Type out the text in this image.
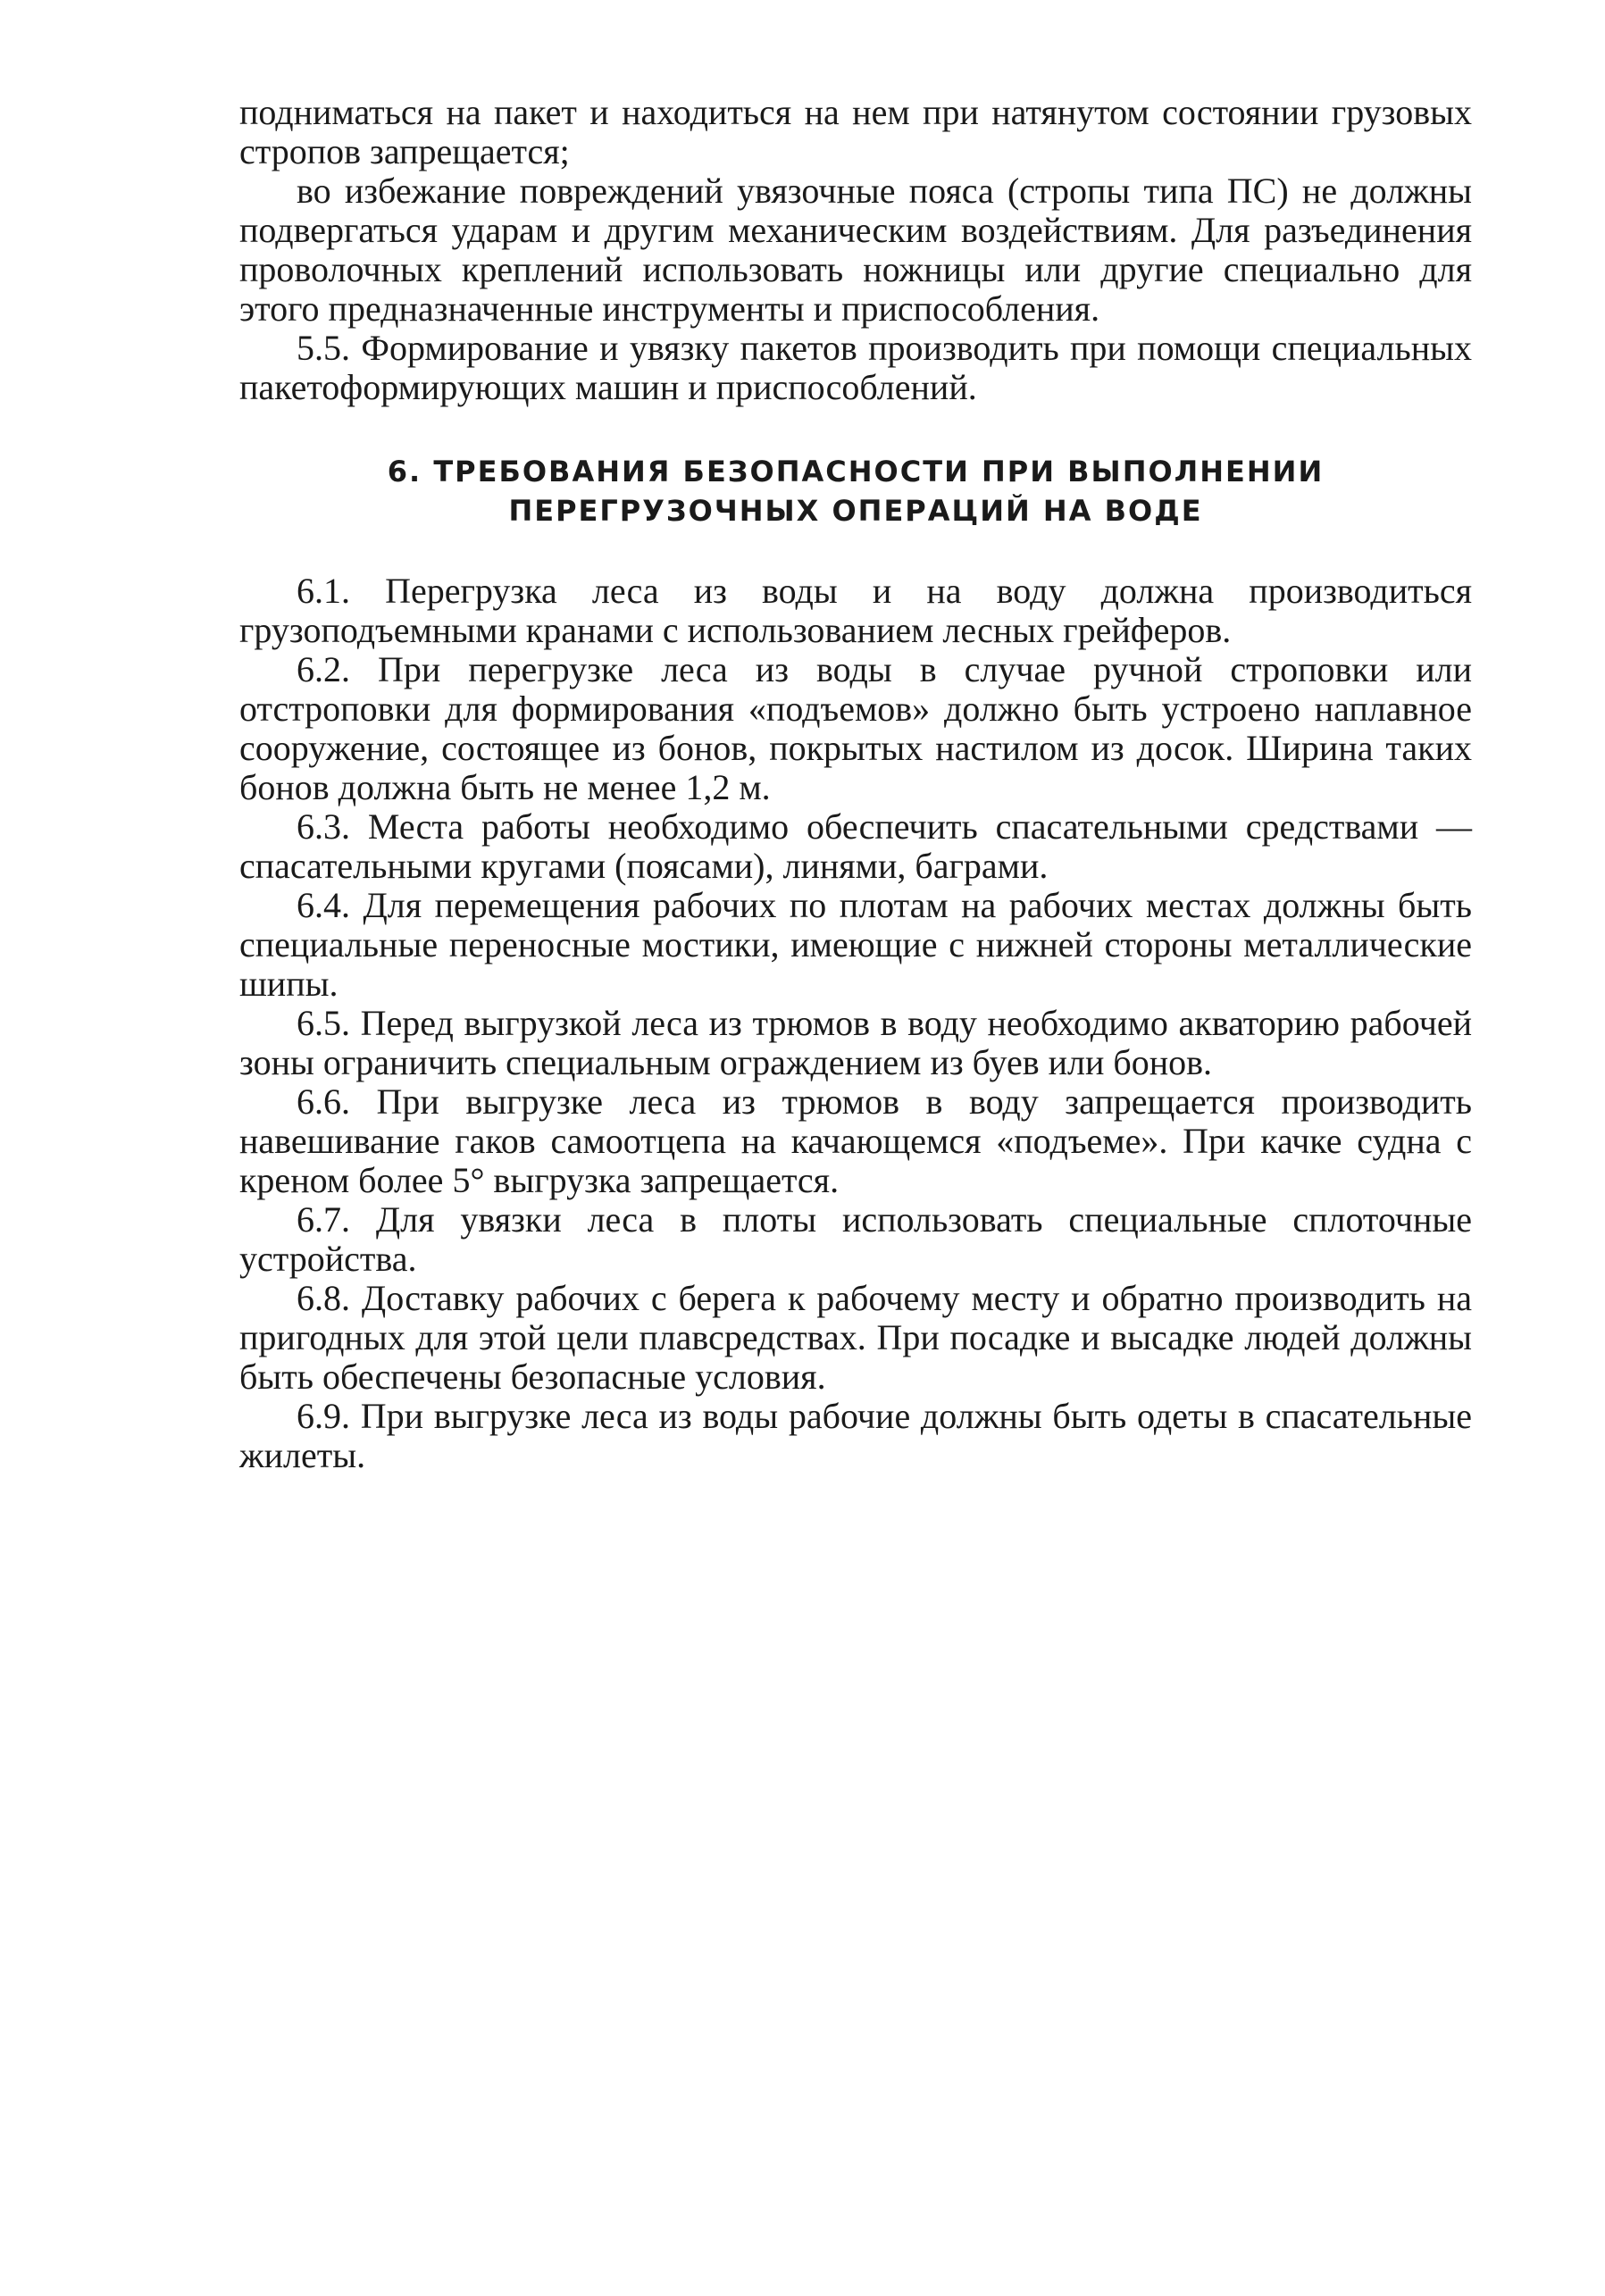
подниматься на пакет и находиться на нем при натянутом состоянии грузовых стропов запрещается;

во избежание повреждений увязочные пояса (стропы типа ПС) не должны подвергаться ударам и другим механическим воздействиям. Для разъединения проволочных креплений использовать ножницы или другие специально для этого предназначенные инструменты и приспособления.

5.5. Формирование и увязку пакетов производить при помощи специальных пакетоформирующих машин и приспособлений.

6. ТРЕБОВАНИЯ БЕЗОПАСНОСТИ ПРИ ВЫПОЛНЕНИИ
ПЕРЕГРУЗОЧНЫХ ОПЕРАЦИЙ НА ВОДЕ

6.1. Перегрузка леса из воды и на воду должна производиться грузоподъемными кранами с использованием лесных грейферов.

6.2. При перегрузке леса из воды в случае ручной строповки или отстроповки для формирования «подъемов» должно быть устроено наплавное сооружение, состоящее из бонов, покрытых настилом из досок. Ширина таких бонов должна быть не менее 1,2 м.

6.3. Места работы необходимо обеспечить спасательными средствами — спасательными кругами (поясами), линями, баграми.

6.4. Для перемещения рабочих по плотам на рабочих местах должны быть специальные переносные мостики, имеющие с нижней стороны металлические шипы.

6.5. Перед выгрузкой леса из трюмов в воду необходимо акваторию рабочей зоны ограничить специальным ограждением из буев или бонов.

6.6. При выгрузке леса из трюмов в воду запрещается производить навешивание гаков самоотцепа на качающемся «подъеме». При качке судна с креном более 5° выгрузка запрещается.

6.7. Для увязки леса в плоты использовать специальные сплоточные устройства.

6.8. Доставку рабочих с берега к рабочему месту и обратно производить на пригодных для этой цели плавсредствах. При посадке и высадке людей должны быть обеспечены безопасные условия.

6.9. При выгрузке леса из воды рабочие должны быть одеты в спасательные жилеты.
